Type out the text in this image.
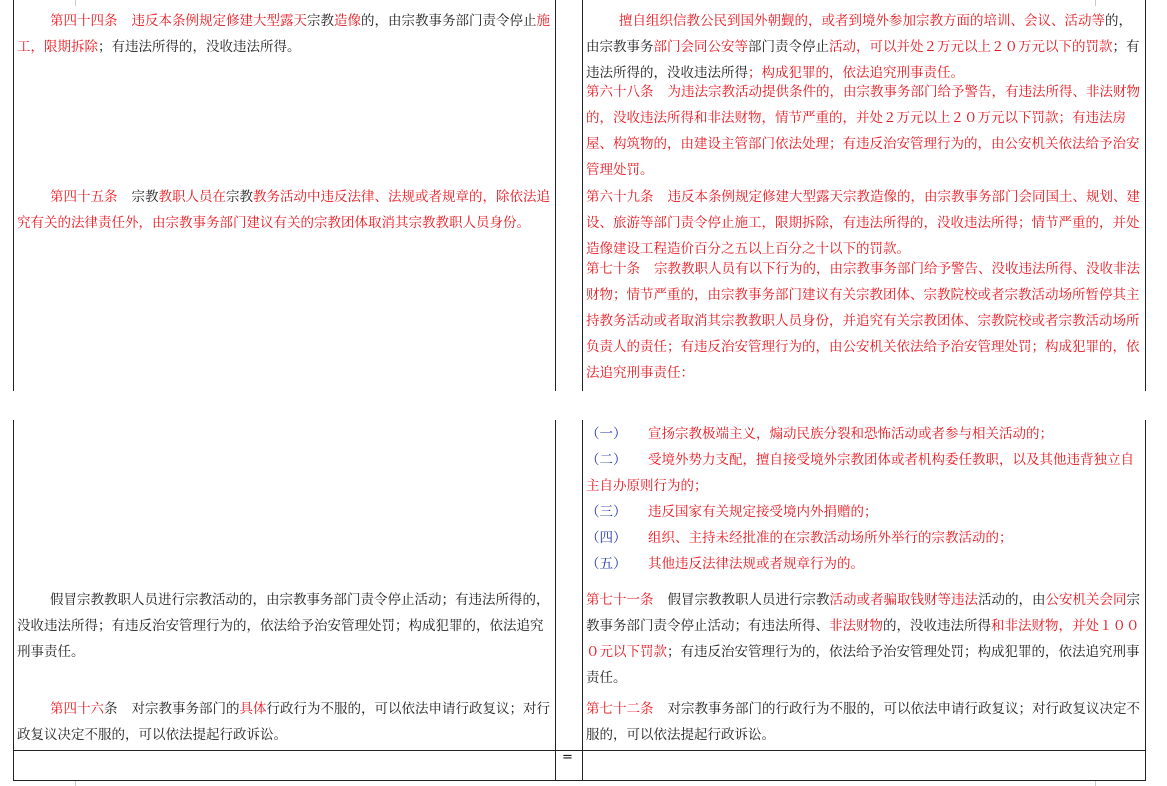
第四十四条 违反本条例规定修建大型露天宗教造像的，由宗教事务部门责令停止施工，限期拆除；有违法所得的，没收违法所得。

第四十五条 宗教教职人员在宗教教务活动中违反法律、法规或者规章的，除依法追究有关的法律责任外，由宗教事务部门建议有关的宗教团体取消其宗教教职人员身份。

假冒宗教教职人员进行宗教活动的，由宗教事务部门责令停止活动；有违法所得的，没收违法所得；有违反治安管理行为的，依法给予治安管理处罚；构成犯罪的，依法追究刑事责任。

第四十六条 对宗教事务部门的具体行政行为不服的，可以依法申请行政复议；对行政复议决定不服的，可以依法提起行政诉讼。

擅自组织信教公民到国外朝觐的，或者到境外参加宗教方面的培训、会议、活动等的，由宗教事务部门会同公安等部门责令停止活动，可以并处２万元以上２０万元以下的罚款；有违法所得的，没收违法所得；构成犯罪的，依法追究刑事责任。

第六十八条 为违法宗教活动提供条件的，由宗教事务部门给予警告，有违法所得、非法财物的，没收违法所得和非法财物，情节严重的，并处２万元以上２０万元以下罚款；有违法房屋、构筑物的，由建设主管部门依法处理；有违反治安管理行为的，由公安机关依法给予治安管理处罚。

第六十九条 违反本条例规定修建大型露天宗教造像的，由宗教事务部门会同国土、规划、建设、旅游等部门责令停止施工，限期拆除，有违法所得的，没收违法所得；情节严重的，并处造像建设工程造价百分之五以上百分之十以下的罚款。

第七十条 宗教教职人员有以下行为的，由宗教事务部门给予警告、没收违法所得、没收非法财物；情节严重的，由宗教事务部门建议有关宗教团体、宗教院校或者宗教活动场所暂停其主持教务活动或者取消其宗教教职人员身份，并追究有关宗教团体、宗教院校或者宗教活动场所负责人的责任；有违反治安管理行为的，由公安机关依法给予治安管理处罚；构成犯罪的，依法追究刑事责任：

（一） 宣扬宗教极端主义，煽动民族分裂和恐怖活动或者参与相关活动的；

（二） 受境外势力支配，擅自接受境外宗教团体或者机构委任教职，以及其他违背独立自主自办原则行为的；

（三） 违反国家有关规定接受境内外捐赠的；

（四） 组织、主持未经批准的在宗教活动场所外举行的宗教活动的；

（五） 其他违反法律法规或者规章行为的。

第七十一条 假冒宗教教职人员进行宗教活动或者骗取钱财等违法活动的，由公安机关会同宗教事务部门责令停止活动；有违法所得、非法财物的，没收违法所得和非法财物，并处１０００元以下罚款；有违反治安管理行为的，依法给予治安管理处罚；构成犯罪的，依法追究刑事责任。

第七十二条 对宗教事务部门的行政行为不服的，可以依法申请行政复议；对行政复议决定不服的，可以依法提起行政诉讼。

=
